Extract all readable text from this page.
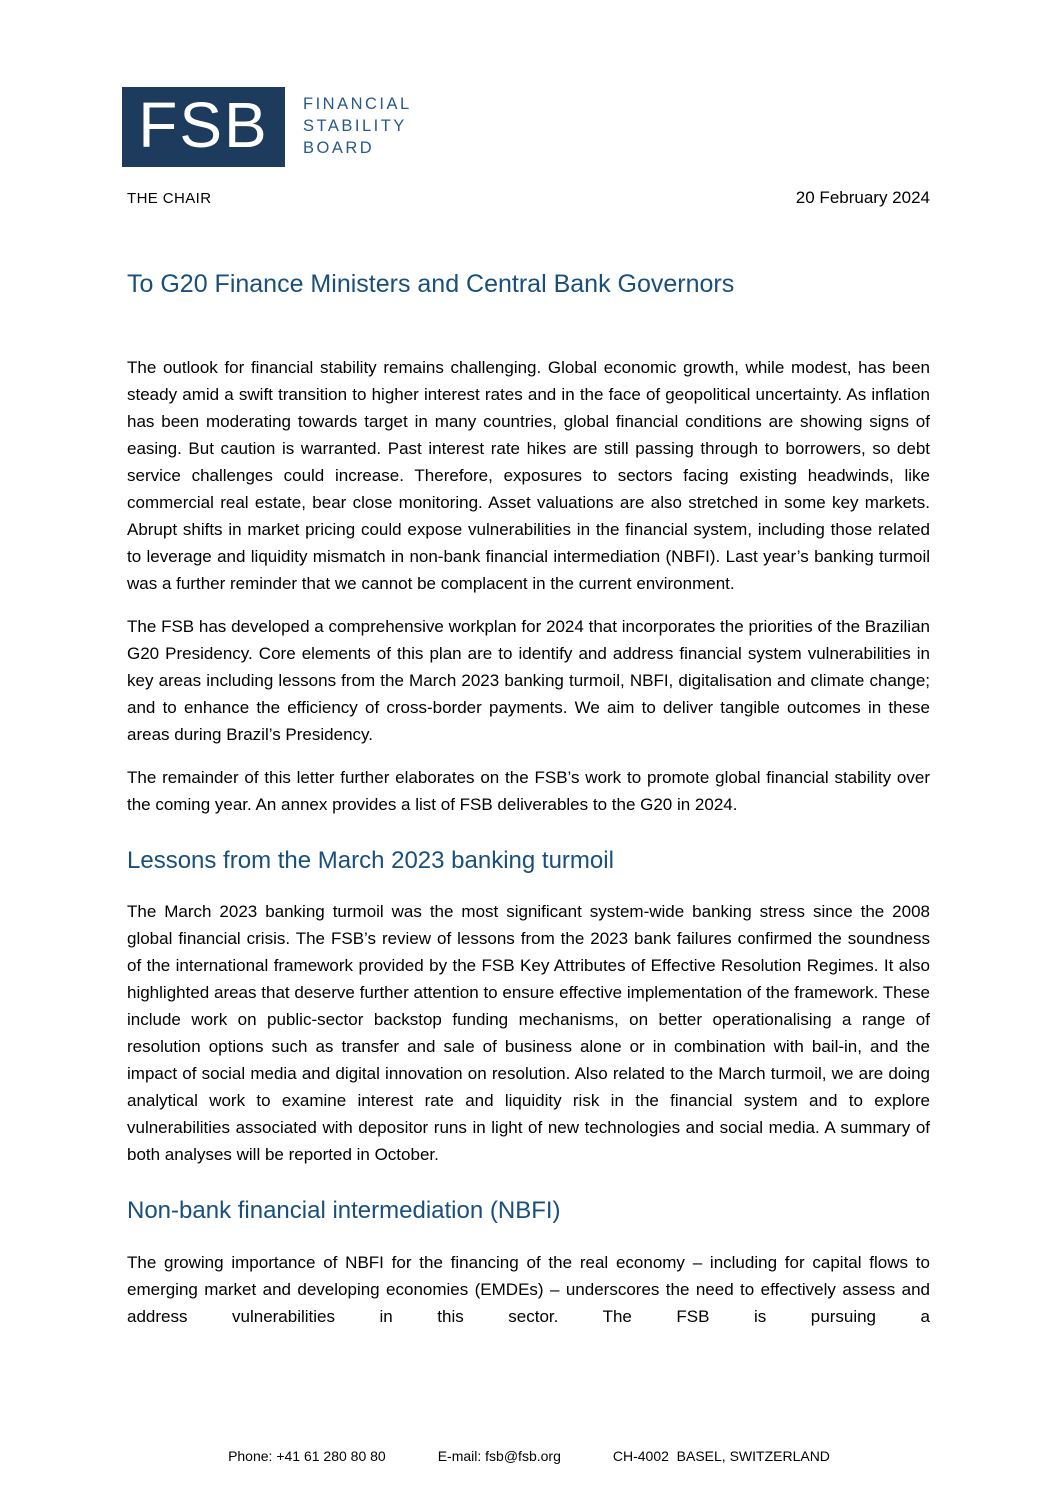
FSB FINANCIAL
STABILITY
BOARD
THE CHAIR	20 February 2024
To G20 Finance Ministers and Central Bank Governors

The outlook for financial stability remains challenging. Global economic growth, while modest, has been steady amid a swift transition to higher interest rates and in the face of geopolitical uncertainty. As inflation has been moderating towards target in many countries, global financial conditions are showing signs of easing. But caution is warranted. Past interest rate hikes are still passing through to borrowers, so debt service challenges could increase. Therefore, exposures to sectors facing existing headwinds, like commercial real estate, bear close monitoring. Asset valuations are also stretched in some key markets. Abrupt shifts in market pricing could expose vulnerabilities in the financial system, including those related to leverage and liquidity mismatch in non-bank financial intermediation (NBFI). Last year’s banking turmoil was a further reminder that we cannot be complacent in the current environment.

The FSB has developed a comprehensive workplan for 2024 that incorporates the priorities of the Brazilian G20 Presidency. Core elements of this plan are to identify and address financial system vulnerabilities in key areas including lessons from the March 2023 banking turmoil, NBFI, digitalisation and climate change; and to enhance the efficiency of cross-border payments. We aim to deliver tangible outcomes in these areas during Brazil’s Presidency.

The remainder of this letter further elaborates on the FSB’s work to promote global financial stability over the coming year. An annex provides a list of FSB deliverables to the G20 in 2024.

Lessons from the March 2023 banking turmoil

The March 2023 banking turmoil was the most significant system-wide banking stress since the 2008 global financial crisis. The FSB’s review of lessons from the 2023 bank failures confirmed the soundness of the international framework provided by the FSB Key Attributes of Effective Resolution Regimes. It also highlighted areas that deserve further attention to ensure effective implementation of the framework. These include work on public-sector backstop funding mechanisms, on better operationalising a range of resolution options such as transfer and sale of business alone or in combination with bail-in, and the impact of social media and digital innovation on resolution. Also related to the March turmoil, we are doing analytical work to examine interest rate and liquidity risk in the financial system and to explore vulnerabilities associated with depositor runs in light of new technologies and social media. A summary of both analyses will be reported in October.

Non-bank financial intermediation (NBFI)

The growing importance of NBFI for the financing of the real economy – including for capital flows to emerging market and developing economies (EMDEs) – underscores the need to effectively assess and address vulnerabilities in this sector. The FSB is pursuing a

Phone: +41 61 280 80 80	E-mail: fsb@fsb.org	CH-4002  BASEL, SWITZERLAND
